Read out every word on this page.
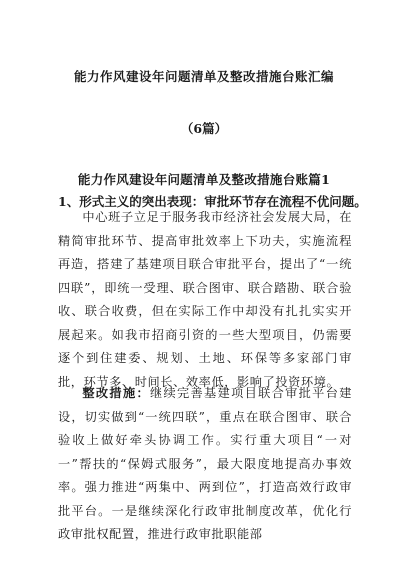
能力作风建设年问题清单及整改措施台账汇编
（6篇）
能力作风建设年问题清单及整改措施台账篇1
1、形式主义的突出表现：审批环节存在流程不优问题。

中心班子立足于服务我市经济社会发展大局，在精简审批环节、提高审批效率上下功夫，实施流程再造，搭建了基建项目联合审批平台，提出了“一统四联”，即统一受理、联合图审、联合踏勘、联合验收、联合收费，但在实际工作中却没有扎扎实实开展起来。如我市招商引资的一些大型项目，仍需要逐个到住建委、规划、土地、环保等多家部门审批，环节多、时间长、效率低，影响了投资环境。

整改措施：继续完善基建项目联合审批平台建设，切实做到“一统四联”，重点在联合图审、联合验收上做好牵头协调工作。实行重大项目“一对一”帮扶的“保姆式服务”，最大限度地提高办事效率。强力推进“两集中、两到位”，打造高效行政审批平台。一是继续深化行政审批制度改革，优化行政审批权配置，推进行政审批职能部
